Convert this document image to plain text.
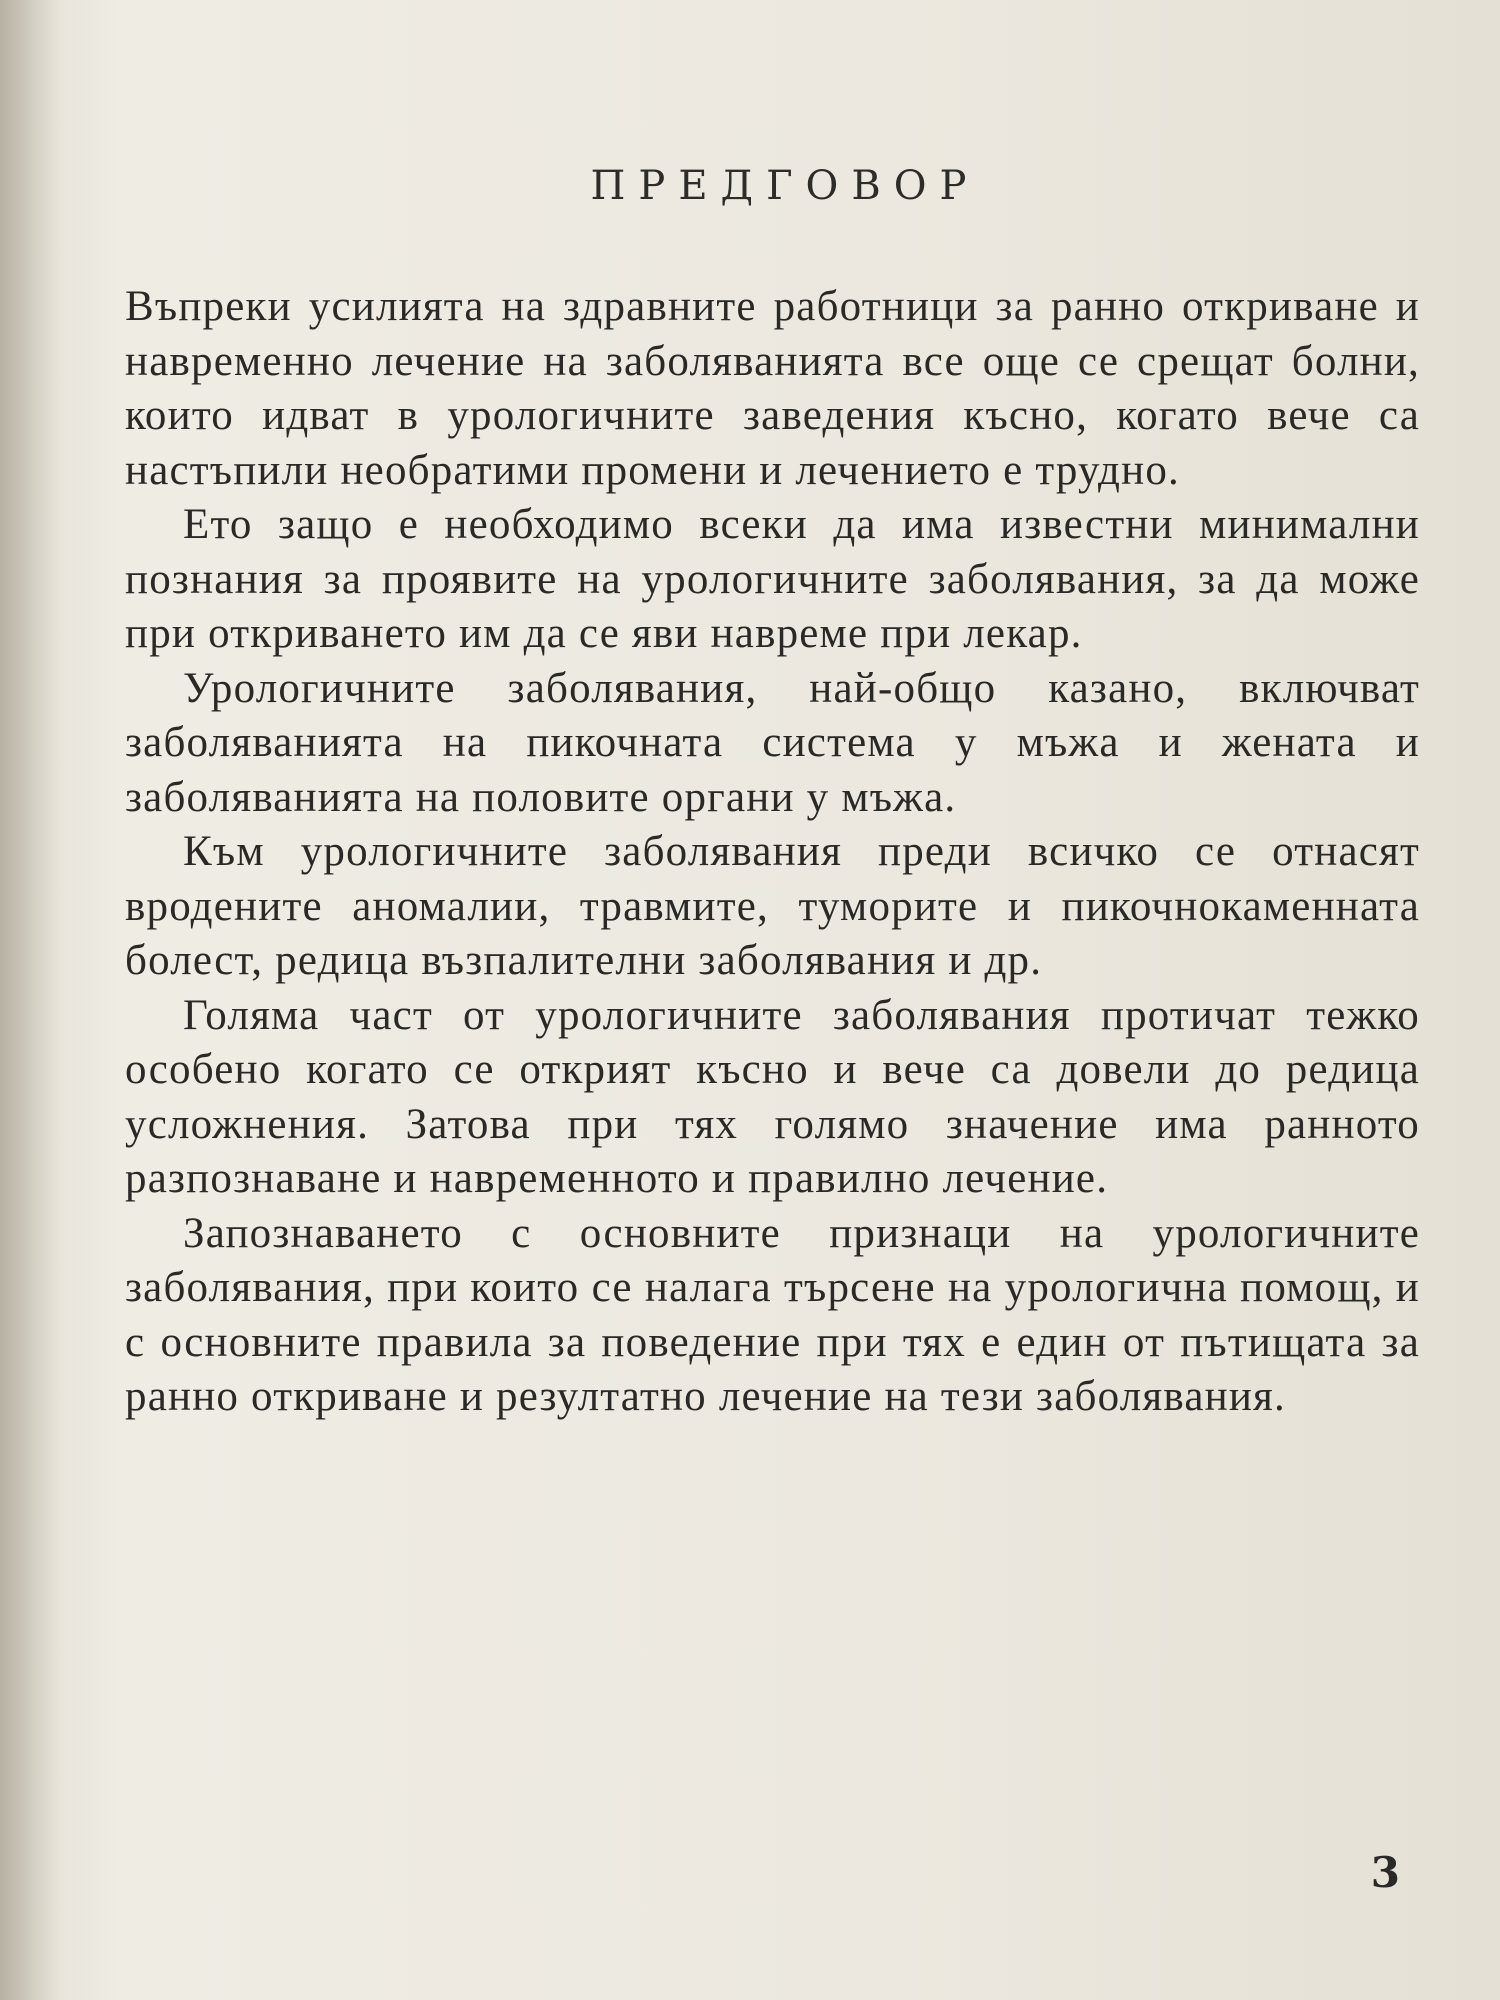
ПРЕДГОВОР

Въпреки усилията на здравните работници за ранно откриване и навременно лечение на заболяванията все още се срещат болни, които идват в урологичните заведения късно, когато вече са настъпили необратими промени и лечението е трудно.

Ето защо е необходимо всеки да има известни минимални познания за проявите на урологичните заболявания, за да може при откриването им да се яви навреме при лекар.

Урологичните заболявания, най-общо казано, включват заболяванията на пикочната система у мъжа и жената и заболяванията на половите органи у мъжа.

Към урологичните заболявания преди всичко се отнасят вродените аномалии, травмите, туморите и пикочнокаменната болест, редица възпалителни заболявания и др.

Голяма част от урологичните заболявания протичат тежко особено когато се открият късно и вече са довели до редица усложнения. Затова при тях голямо значение има ранното разпознаване и навременното и правилно лечение.

Запознаването с основните признаци на урологичните заболявания, при които се налага търсене на урологична помощ, и с основните правила за поведение при тях е един от пътищата за ранно откриване и резултатно лечение на тези заболявания.

3
